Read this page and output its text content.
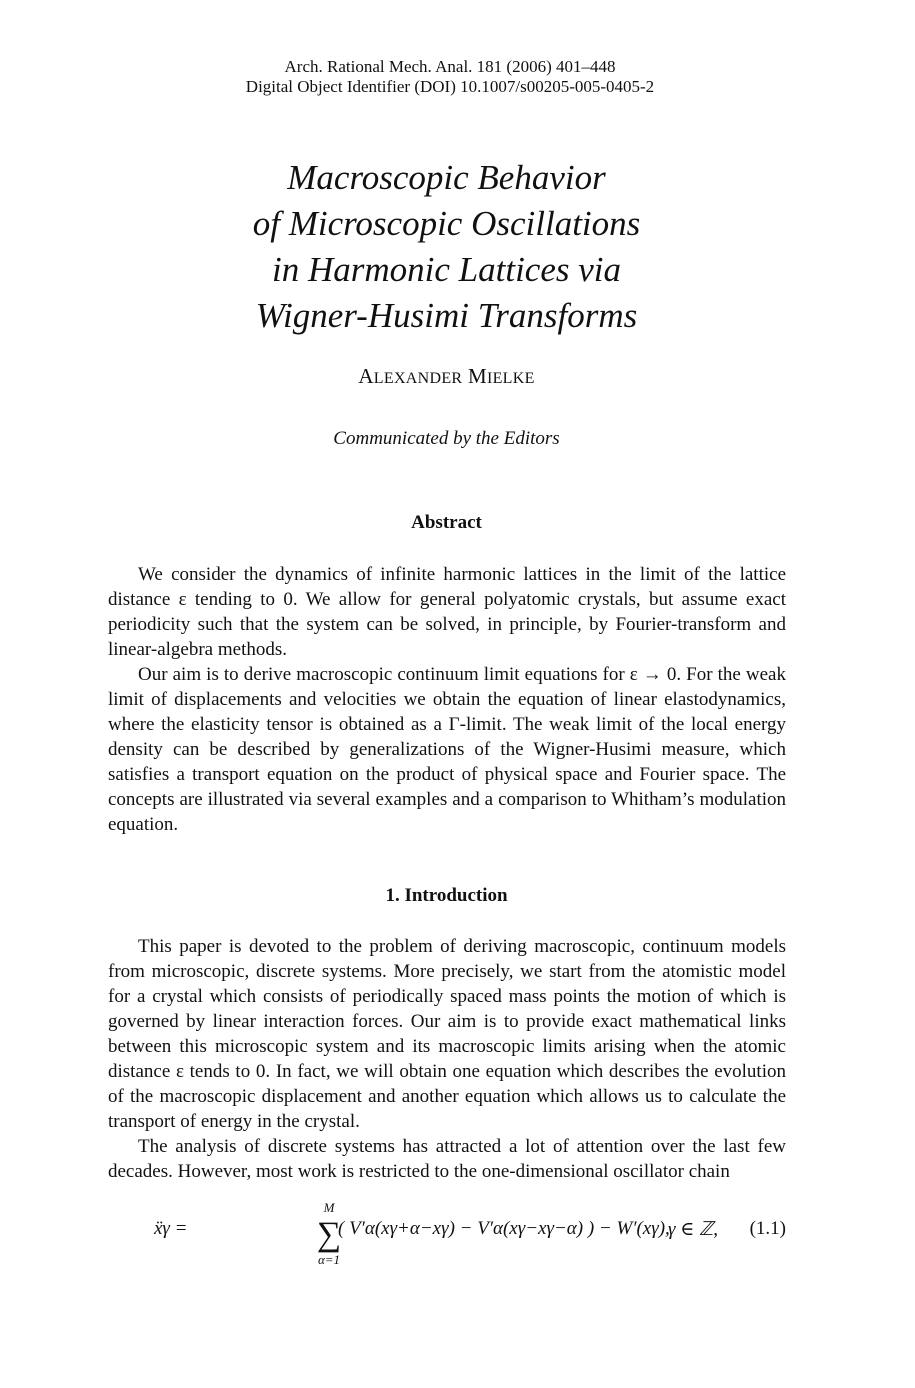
Arch. Rational Mech. Anal. 181 (2006) 401–448
Digital Object Identifier (DOI) 10.1007/s00205-005-0405-2
Macroscopic Behavior
of Microscopic Oscillations
in Harmonic Lattices via
Wigner-Husimi Transforms
ALEXANDER MIELKE
Communicated by the Editors
Abstract

We consider the dynamics of infinite harmonic lattices in the limit of the lattice distance ε tending to 0. We allow for general polyatomic crystals, but assume exact periodicity such that the system can be solved, in principle, by Fourier-transform and linear-algebra methods.

Our aim is to derive macroscopic continuum limit equations for ε → 0. For the weak limit of displacements and velocities we obtain the equation of linear elastodynamics, where the elasticity tensor is obtained as a Γ-limit. The weak limit of the local energy density can be described by generalizations of the Wigner-Husimi measure, which satisfies a transport equation on the product of physical space and Fourier space. The concepts are illustrated via several examples and a comparison to Whitham’s modulation equation.

1. Introduction

This paper is devoted to the problem of deriving macroscopic, continuum models from microscopic, discrete systems. More precisely, we start from the atomistic model for a crystal which consists of periodically spaced mass points the motion of which is governed by linear interaction forces. Our aim is to provide exact mathematical links between this microscopic system and its macroscopic limits arising when the atomic distance ε tends to 0. In fact, we will obtain one equation which describes the evolution of the macroscopic displacement and another equation which allows us to calculate the transport of energy in the crystal.

The analysis of discrete systems has attracted a lot of attention over the last few decades. However, most work is restricted to the one-dimensional oscillator chain

ẍγ =
M
∑
α=1
( V′α(xγ+α−xγ) − V′α(xγ−xγ−α) ) − W′(xγ),
γ ∈ ℤ, (1.1)
